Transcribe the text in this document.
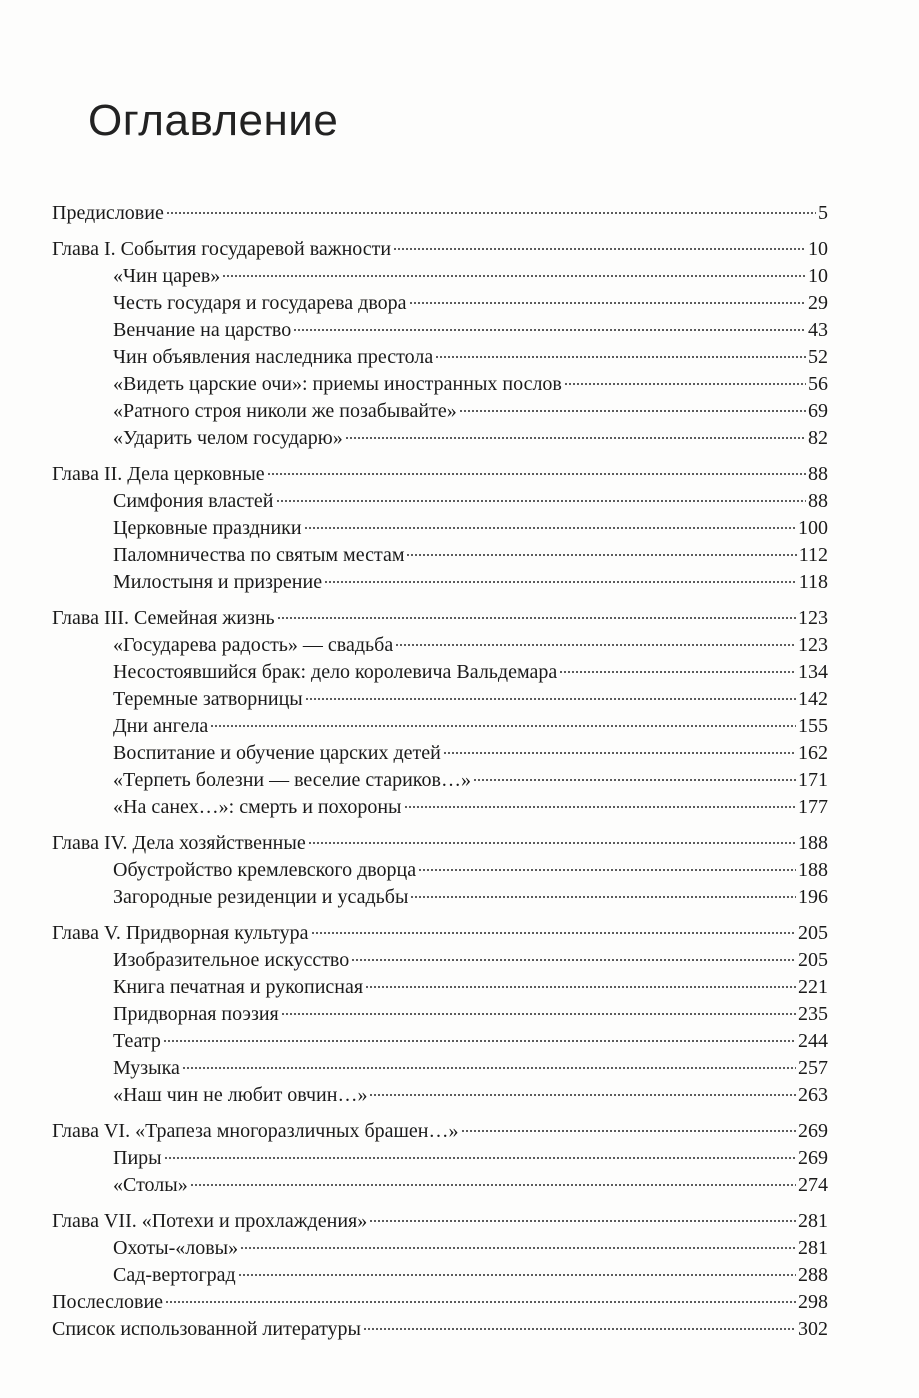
Оглавление
Предисловие	5
Глава I. События государевой важности	10
«Чин царев»	10
Честь государя и государева двора	29
Венчание на царство	43
Чин объявления наследника престола	52
«Видеть царские очи»: приемы иностранных послов	56
«Ратного строя николи же позабывайте»	69
«Ударить челом государю»	82
Глава II. Дела церковные	88
Симфония властей	88
Церковные праздники	100
Паломничества по святым местам	112
Милостыня и призрение	118
Глава III. Семейная жизнь	123
«Государева радость» — свадьба	123
Несостоявшийся брак: дело королевича Вальдемара	134
Теремные затворницы	142
Дни ангела	155
Воспитание и обучение царских детей	162
«Терпеть болезни — веселие стариков…»	171
«На санех…»: смерть и похороны	177
Глава IV. Дела хозяйственные	188
Обустройство кремлевского дворца	188
Загородные резиденции и усадьбы	196
Глава V. Придворная культура	205
Изобразительное искусство	205
Книга печатная и рукописная	221
Придворная поэзия	235
Театр	244
Музыка	257
«Наш чин не любит овчин…»	263
Глава VI. «Трапеза многоразличных брашен…»	269
Пиры	269
«Столы»	274
Глава VII. «Потехи и прохлаждения»	281
Охоты-«ловы»	281
Сад-вертоград	288
Послесловие	298
Список использованной литературы	302
